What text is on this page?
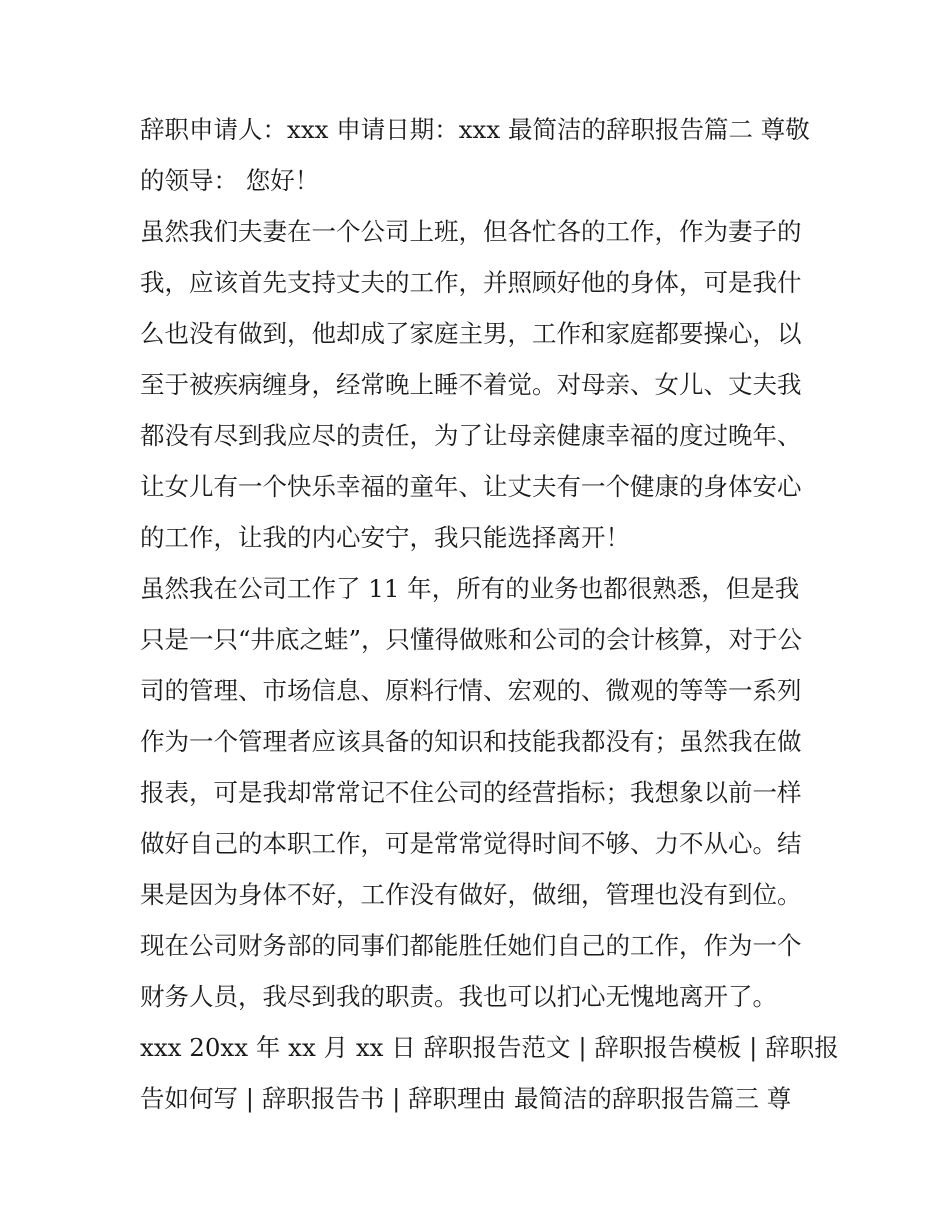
辞职申请人：xxx 申请日期：xxx 最简洁的辞职报告篇二 尊敬
的领导： 您好！
虽然我们夫妻在一个公司上班，但各忙各的工作，作为妻子的
我，应该首先支持丈夫的工作，并照顾好他的身体，可是我什
么也没有做到，他却成了家庭主男，工作和家庭都要操心，以
至于被疾病缠身，经常晚上睡不着觉。对母亲、女儿、丈夫我
都没有尽到我应尽的责任，为了让母亲健康幸福的度过晚年、
让女儿有一个快乐幸福的童年、让丈夫有一个健康的身体安心
的工作，让我的内心安宁，我只能选择离开！
虽然我在公司工作了 11 年，所有的业务也都很熟悉，但是我
只是一只“井底之蛙”，只懂得做账和公司的会计核算，对于公
司的管理、市场信息、原料行情、宏观的、微观的等等一系列
作为一个管理者应该具备的知识和技能我都没有；虽然我在做
报表，可是我却常常记不住公司的经营指标；我想象以前一样
做好自己的本职工作，可是常常觉得时间不够、力不从心。结
果是因为身体不好，工作没有做好，做细，管理也没有到位。
现在公司财务部的同事们都能胜任她们自己的工作，作为一个
财务人员，我尽到我的职责。我也可以扪心无愧地离开了。
xxx 20xx 年 xx 月 xx 日 辞职报告范文 | 辞职报告模板 | 辞职报
告如何写 | 辞职报告书 | 辞职理由 最简洁的辞职报告篇三 尊
